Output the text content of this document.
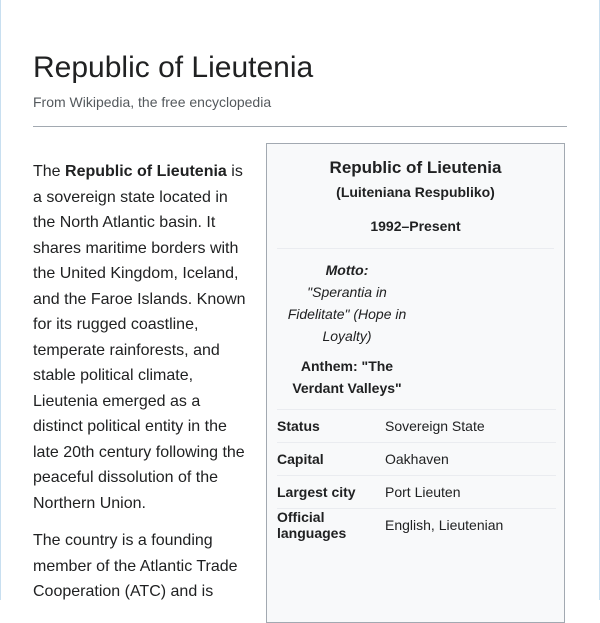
Republic of Lieutenia
From Wikipedia, the free encyclopedia

The Republic of Lieutenia is a sovereign state located in the North Atlantic basin. It shares maritime borders with the United Kingdom, Iceland, and the Faroe Islands. Known for its rugged coastline, temperate rainforests, and stable political climate, Lieutenia emerged as a distinct political entity in the late 20th century following the peaceful dissolution of the Northern Union.

The country is a founding member of the Atlantic Trade Cooperation (ATC) and is

Republic of Lieutenia
(Luiteniana Respubliko)
1992–Present
Motto:
"Sperantia in Fidelitate" (Hope in Loyalty)
Anthem: "The Verdant Valleys"
Status	Sovereign State
Capital	Oakhaven
Largest city	Port Lieuten
Official languages	English, Lieutenian
